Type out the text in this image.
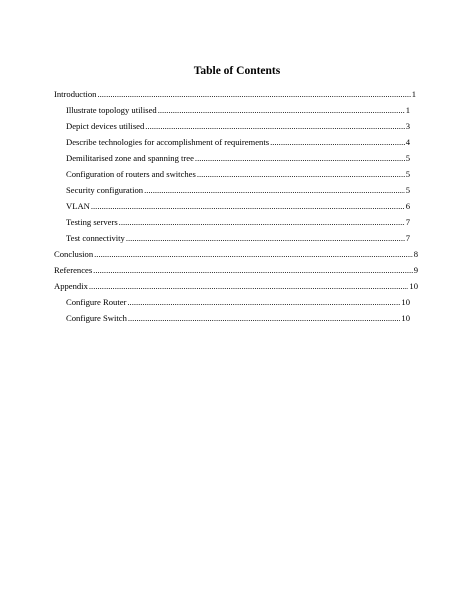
Table of Contents
Introduction .....	1
Illustrate topology utilised .....	1
Depict devices utilised .....	3
Describe technologies for accomplishment of requirements .....	4
Demilitarised zone and spanning tree .....	5
Configuration of routers and switches .....	5
Security configuration .....	5
VLAN .....	6
Testing servers .....	7
Test connectivity .....	7
Conclusion .....	8
References .....	9
Appendix .....	10
Configure Router .....	10
Configure Switch .....	10
